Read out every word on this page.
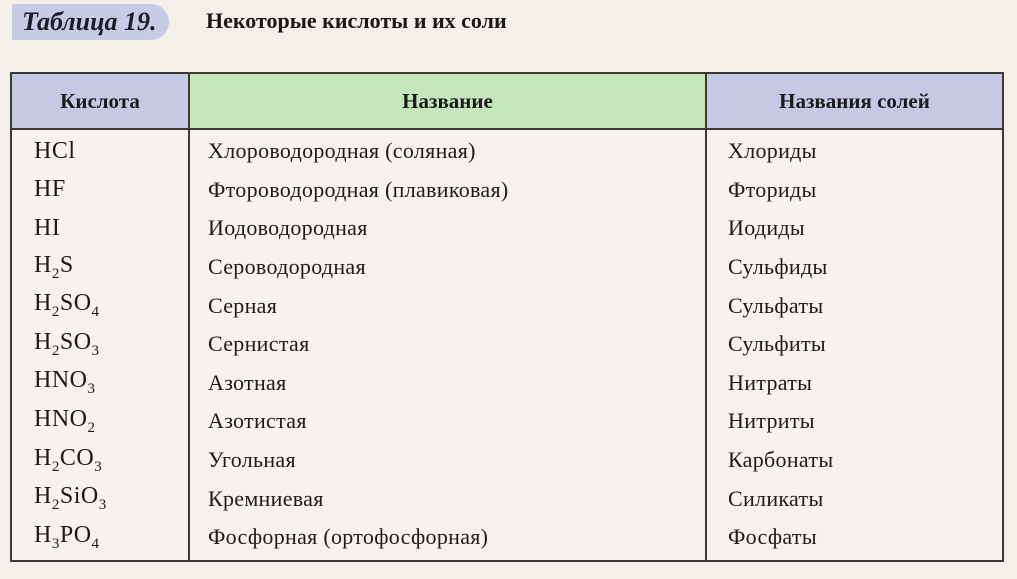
Таблица 19.	Некоторые кислоты и их соли
Кислота	Название	Названия солей
HCl	Хлороводородная (соляная)	Хлориды
HF	Фтороводородная (плавиковая)	Фториды
HI	Иодоводородная	Иодиды
$H_2S$	Сероводородная	Сульфиды
$H_2SO_4$	Серная	Сульфаты
$H_2SO_3$	Сернистая	Сульфиты
$HNO_3$	Азотная	Нитраты
$HNO_2$	Азотистая	Нитриты
$H_2CO_3$	Угольная	Карбонаты
$H_2SiO_3$	Кремниевая	Силикаты
$H_3PO_4$	Фосфорная (ортофосфорная)	Фосфаты
